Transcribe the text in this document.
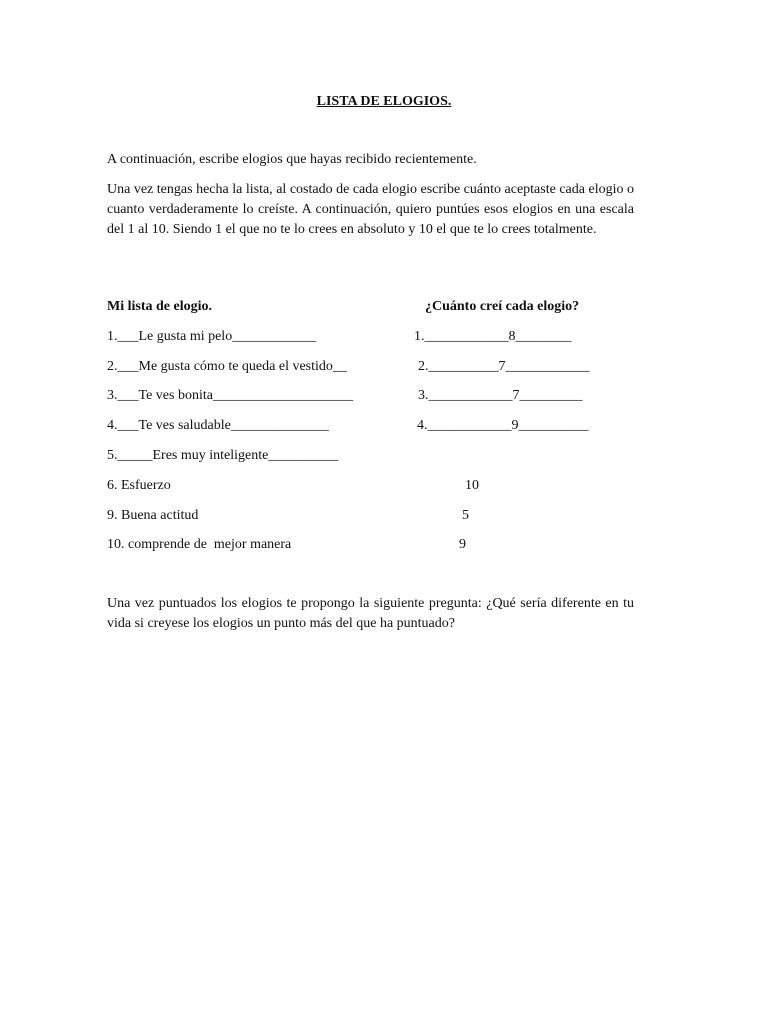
LISTA DE ELOGIOS.
A continuación, escribe elogios que hayas recibido recientemente.
Una vez tengas hecha la lista, al costado de cada elogio escribe cuánto aceptaste cada elogio o cuanto verdaderamente lo creíste. A continuación, quiero puntúes esos elogios en una escala del 1 al 10. Siendo 1 el que no te lo crees en absoluto y 10 el que te lo crees totalmente.
Mi lista de elogio.	¿Cuánto creí cada elogio?
1.___Le gusta mi pelo____________	1.____________8________
2.___Me gusta cómo te queda el vestido__	2.__________7____________
3.___Te ves bonita____________________	3.____________7_________
4.___Te ves saludable______________	4.____________9__________
5._____Eres muy inteligente__________
6. Esfuerzo	10
9. Buena actitud	5
10. comprende de  mejor manera	9
Una vez puntuados los elogios te propongo la siguiente pregunta: ¿Qué sería diferente en tu vida si creyese los elogios un punto más del que ha puntuado?
